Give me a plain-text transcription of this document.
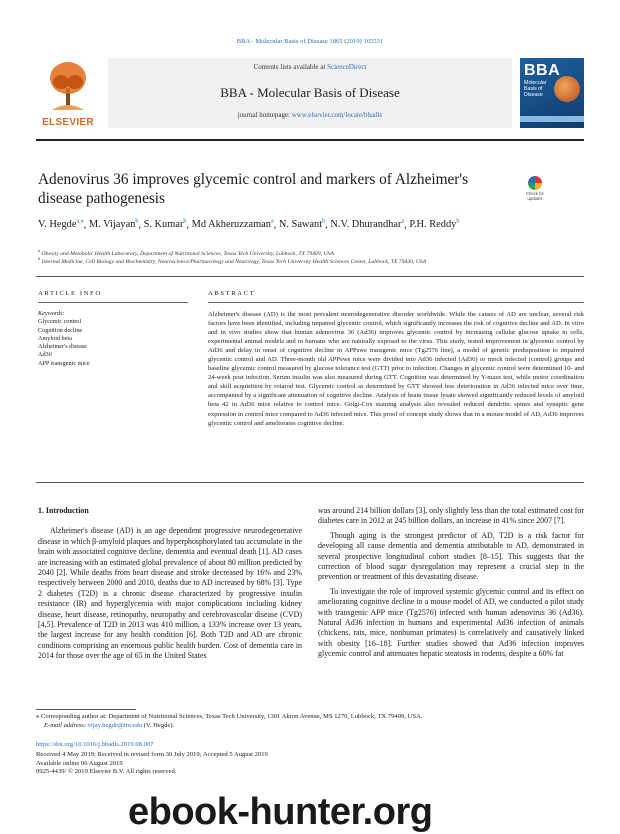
BBA - Molecular Basis of Disease 1865 (2019) 165531
ELSEVIER
Contents lists available at ScienceDirect
BBA - Molecular Basis of Disease
journal homepage: www.elsevier.com/locate/bbadis
BBA
Molecular Basis of Disease
Adenovirus 36 improves glycemic control and markers of Alzheimer's disease pathogenesis	Check for updates
V. Hegde$^{a,⁎}$, M. Vijayan$^b$, S. Kumar$^b$, Md Akheruzzaman$^a$, N. Sawant$^b$, N.V. Dhurandhar$^a$, P.H. Reddy$^b$
$^a$ Obesity and Metabolic Health Laboratory, Department of Nutritional Sciences, Texas Tech University, Lubbock, TX 79409, USA
$^b$ Internal Medicine, Cell Biology and Biochemistry, Neuroscience/Pharmacology and Neurology, Texas Tech University Health Sciences Center, Lubbock, TX 79430, USA
ARTICLE INFO	ABSTRACT
Keywords:
Glycemic control
Cognition decline
Amyloid beta
Alzheimer's disease
Ad36
APP transgenic mice
Alzheimer's disease (AD) is the most prevalent neurodegenerative disorder worldwide. While the causes of AD are unclear, several risk factors have been identified, including impaired glycemic control, which significantly increases the risk of cognitive decline and AD. In vitro and in vivo studies show that human adenovirus 36 (Ad36) improves glycemic control by increasing cellular glucose uptake in cells, experimental animal models and in humans who are naturally exposed to the virus. This study, tested improvement in glycemic control by Ad36 and delay in onset of cognitive decline in APPswe transgenic mice (Tg2576 line), a model of genetic predisposition to impaired glycemic control and AD. Three-month old APPswe mice were divided into Ad36 infected (Ad36) or mock infected (control) groups and baseline glycemic control measured by glucose tolerance test (GTT) prior to infection. Changes in glycemic control were determined 10- and 24-week post infection. Serum insulin was also measured during GTT. Cognition was determined by Y-maze test, while motor coordination and skill acquisition by rotarod test. Glycemic control as determined by GTT showed less deterioration in Ad36 infected mice over time, accompanied by a significant attenuation of cognitive decline. Analysis of brain tissue lysate showed significantly reduced levels of amyloid beta 42 in Ad36 mice relative to control mice. Golgi-Cox staining analysis also revealed reduced dendritic spines and synaptic gene expression in control mice compared to Ad36 infected mice. This proof of concept study shows that in a mouse model of AD, Ad36 improves glycemic control and ameliorates cognitive decline.

1. Introduction

Alzheimer's disease (AD) is an age dependent progressive neurodegenerative disease in which β-amyloid plaques and hyperphosphorylated tau accumulate in the brain with associated cognitive decline, dementia and eventual death [1]. AD cases are increasing with an estimated global prevalence of about 80 million predicted by 2040 [2]. While deaths from heart disease and stroke decreased by 16% and 23% respectively between 2000 and 2010, deaths due to AD increased by 68% [3]. Type 2 diabetes (T2D) is a chronic disease characterized by progressive insulin resistance (IR) and hyperglycemia with major complications including kidney disease, heart disease, retinopathy, neuropathy and cerebrovascular disease (CVD) [4,5]. Prevalence of T2D in 2013 was 410 million, a 133% increase over 13 years, the largest increase for any health condition [6]. Both T2D and AD are chronic conditions comprising an enormous public health burden. Cost of dementia care in 2014 for those over the age of 65 in the United States

was around 214 billion dollars [3], only slightly less than the total estimated cost for diabetes care in 2012 at 245 billion dollars, an increase in 41% since 2007 [7].

Though aging is the strongest predictor of AD, T2D is a risk factor for developing all cause dementia and dementia attributable to AD, demonstrated in several prospective longitudinal cohort studies [8–15]. This suggests that the correction of blood sugar dysregulation may represent a crucial step in the prevention or treatment of this devastating disease.

To investigate the role of improved systemic glycemic control and its effect on ameliorating cognitive decline in a mouse model of AD, we conducted a pilot study with transgenic APP mice (Tg2576) infected with human adenovirus 36 (Ad36). Natural Ad36 infection in humans and experimental Ad36 infection of animals (chickens, rats, mice, nonhuman primates) is correlatively and causatively linked with obesity [16–18]. Further studies showed that Ad36 infection improves glycemic control and attenuates hepatic steatosis in rodents, despite a 60% fat

⁎ Corresponding author at: Department of Nutritional Sciences, Texas Tech University, 1301 Akron Avenue, MS 1270, Lubbock, TX 79409, USA.
E-mail address: vijay.hegde@ttu.edu (V. Hegde).
https://doi.org/10.1016/j.bbadis.2019.08.007
Received 4 May 2019; Received in revised form 30 July 2019; Accepted 5 August 2019
Available online 06 August 2019
0925-4439/ © 2019 Elsevier B.V. All rights reserved.
ebook-hunter.org
